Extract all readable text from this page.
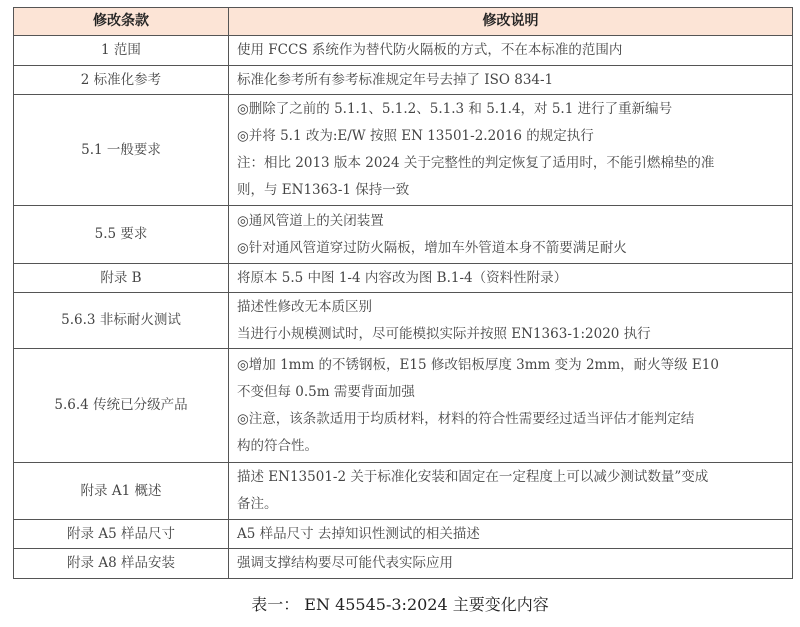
修改条款	修改说明
1 范围	使用 FCCS 系统作为替代防火隔板的方式，不在本标准的范围内

2 标准化参考	标准化参考所有参考标准规定年号去掉了 ISO 834-1

5.1 一般要求	◎删除了之前的 5.1.1、5.1.2、5.1.3 和 5.1.4，对 5.1 进行了重新编号
◎并将 5.1 改为:E/W 按照 EN 13501-2.2016 的规定执行
注：相比 2013 版本 2024 关于完整性的判定恢复了适用时，不能引燃棉垫的准
则，与 EN1363-1 保持一致

5.5 要求	◎通风管道上的关闭装置
◎针对通风管道穿过防火隔板，增加车外管道本身不箭要满足耐火

附录 B	将原本 5.5 中图 1-4 内容改为图 B.1-4（资料性附录）

5.6.3 非标耐火测试	描述性修改无本质区别
当进行小规模测试时，尽可能模拟实际并按照 EN1363-1:2020 执行

5.6.4 传统已分级产品	◎增加 1mm 的不锈钢板，E15 修改铝板厚度 3mm 变为 2mm，耐火等级 E10
不变但每 0.5m 需要背面加强
◎注意，该条款适用于均质材料，材料的符合性需要经过适当评估才能判定结
构的符合性。

附录 A1 概述	描述 EN13501-2 关于标准化安装和固定在一定程度上可以减少测试数量”变成
备注。

附录 A5 样品尺寸	A5 样品尺寸 去掉知识性测试的相关描述

附录 A8 样品安装	强调支撑结构要尽可能代表实际应用
表一： EN 45545-3:2024 主要变化内容
